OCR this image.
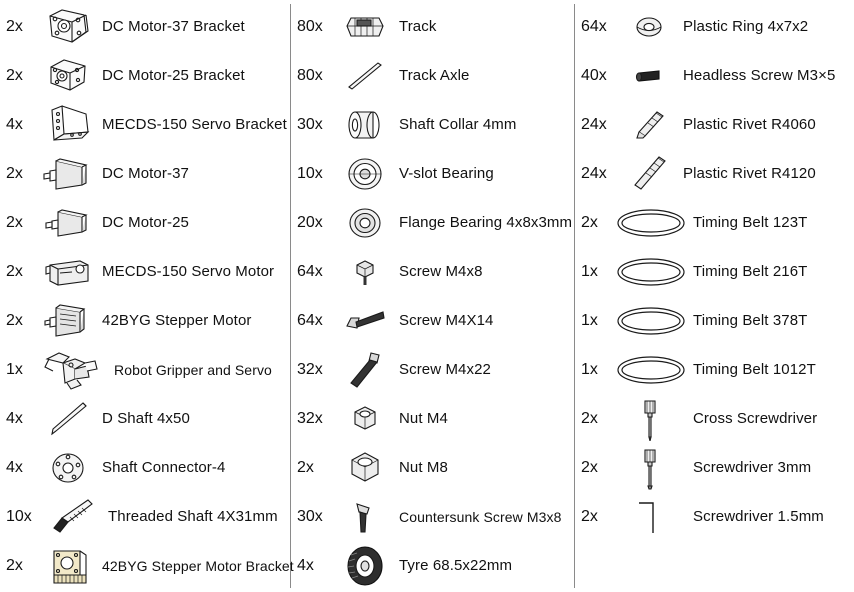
2x	DC Motor-37 Bracket
2x	DC Motor-25 Bracket
4x	MECDS-150 Servo Bracket
2x	DC Motor-37
2x	DC Motor-25
2x	MECDS-150 Servo Motor
2x	42BYG Stepper Motor
1x	Robot Gripper and Servo
4x	D Shaft 4x50
4x	Shaft Connector-4
10x	Threaded Shaft 4X31mm
2x	42BYG Stepper Motor Bracket
80x	Track
80x	Track Axle
30x	Shaft Collar 4mm
10x	V-slot Bearing
20x	Flange Bearing 4x8x3mm
64x	Screw M4x8
64x	Screw M4X14
32x	Screw M4x22
32x	Nut M4
2x	Nut M8
30x	Countersunk Screw M3x8
4x	Tyre 68.5x22mm
64x	Plastic Ring 4x7x2
40x	Headless Screw M3×5
24x	Plastic Rivet R4060
24x	Plastic Rivet R4120
2x	Timing Belt 123T
1x	Timing Belt 216T
1x	Timing Belt 378T
1x	Timing Belt 1012T
2x	Cross Screwdriver
2x	Screwdriver 3mm
2x	Screwdriver 1.5mm
